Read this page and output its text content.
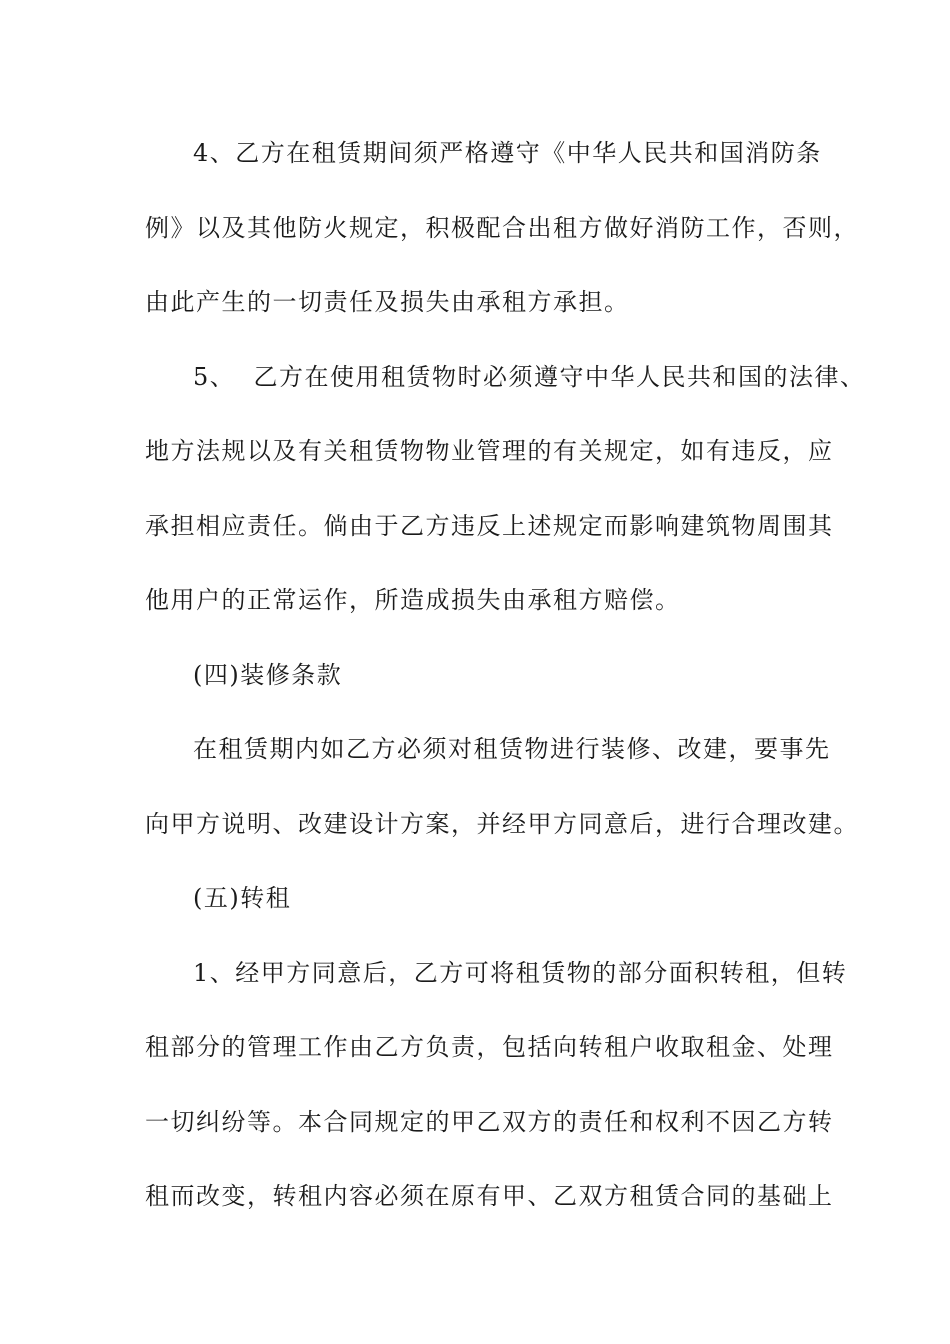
4、乙方在租赁期间须严格遵守《中华人民共和国消防条
例》以及其他防火规定，积极配合出租方做好消防工作，否则，
由此产生的一切责任及损失由承租方承担。
5、  乙方在使用租赁物时必须遵守中华人民共和国的法律、
地方法规以及有关租赁物物业管理的有关规定，如有违反，应
承担相应责任。倘由于乙方违反上述规定而影响建筑物周围其
他用户的正常运作，所造成损失由承租方赔偿。
(四)装修条款
在租赁期内如乙方必须对租赁物进行装修、改建，要事先
向甲方说明、改建设计方案，并经甲方同意后，进行合理改建。
(五)转租
1、经甲方同意后，乙方可将租赁物的部分面积转租，但转
租部分的管理工作由乙方负责，包括向转租户收取租金、处理
一切纠纷等。本合同规定的甲乙双方的责任和权利不因乙方转
租而改变，转租内容必须在原有甲、乙双方租赁合同的基础上
